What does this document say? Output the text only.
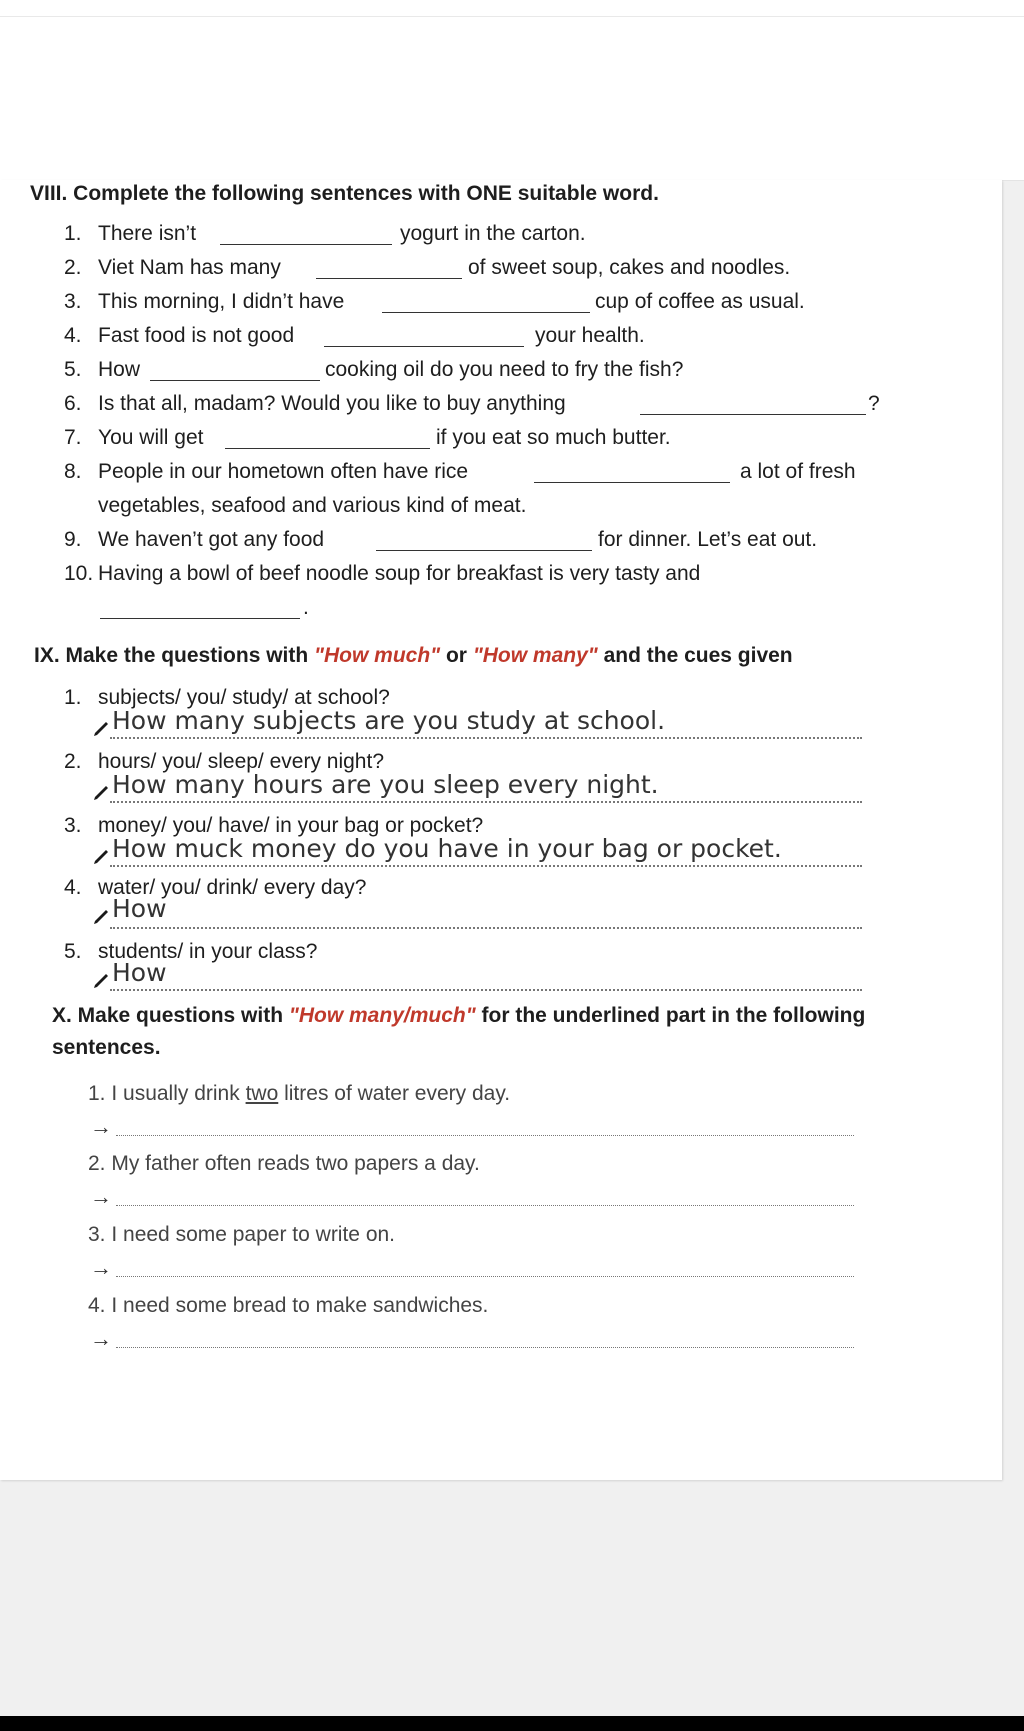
VIII. Complete the following sentences with ONE suitable word.
1. There isn’t	yogurt in the carton.
2. Viet Nam has many	of sweet soup, cakes and noodles.
3. This morning, I didn’t have	cup of coffee as usual.
4. Fast food is not good	your health.
5. How	cooking oil do you need to fry the fish?
6. Is that all, madam? Would you like to buy anything	?
7. You will get	if you eat so much butter.
8. People in our hometown often have rice	a lot of fresh
vegetables, seafood and various kind of meat.
9. We haven’t got any food	for dinner. Let’s eat out.
10. Having a bowl of beef noodle soup for breakfast is very tasty and
.
IX. Make the questions with "How much" or "How many" and the cues given
1. subjects/ you/ study/ at school?
How many subjects are you study at school.
2. hours/ you/ sleep/ every night?
How many hours are you sleep every night.
3. money/ you/ have/ in your bag or pocket?
How muck money do you have in your bag or pocket.
4. water/ you/ drink/ every day?
How
5. students/ in your class?
How
X. Make questions with "How many/much" for the underlined part in the following
sentences.
1. I usually drink two litres of water every day.
→
2. My father often reads two papers a day.
→
3. I need some paper to write on.
→
4. I need some bread to make sandwiches.
→
